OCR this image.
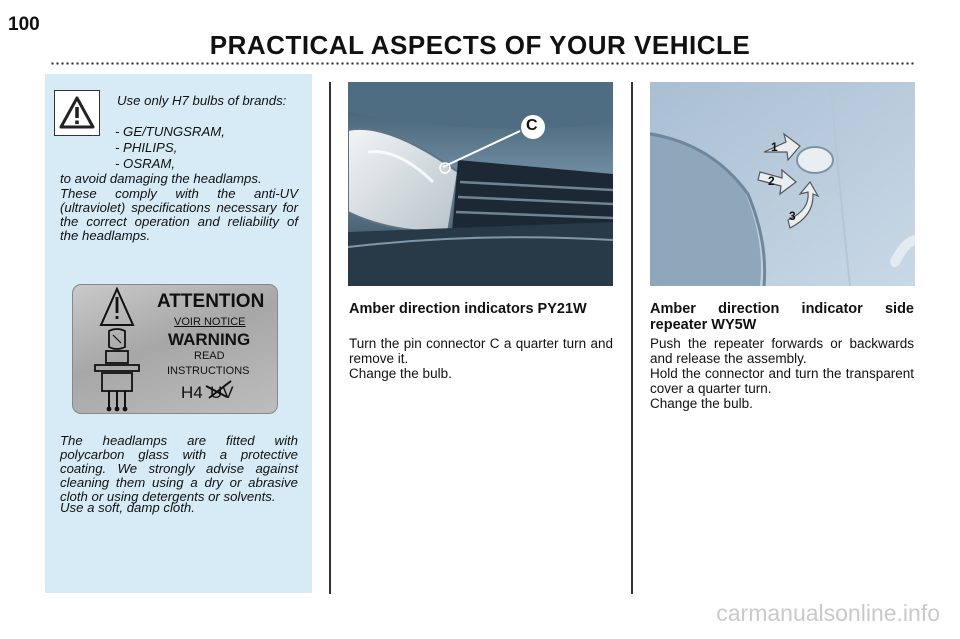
100
PRACTICAL ASPECTS OF YOUR VEHICLE
Use only H7 bulbs of brands:
- GE/TUNGSRAM,
- PHILIPS,
- OSRAM,
to avoid damaging the headlamps.
These comply with the anti-UV (ultraviolet) specifications necessary for the correct operation and reliability of the headlamps.
ATTENTION
VOIR NOTICE
WARNING
READ
INSTRUCTIONS
H4 UV
The headlamps are fitted with polycarbon glass with a protective coating. We strongly advise against cleaning them using a dry or abrasive cloth or using detergents or solvents.
Use a soft, damp cloth.
C
1
2
3
Amber direction indicators PY21W
Turn the pin connector C a quarter turn and remove it.
Change the bulb.
Amber direction indicator side repeater WY5W
Push the repeater forwards or backwards and release the assembly.
Hold the connector and turn the transparent cover a quarter turn.
Change the bulb.
carmanualsonline.info
